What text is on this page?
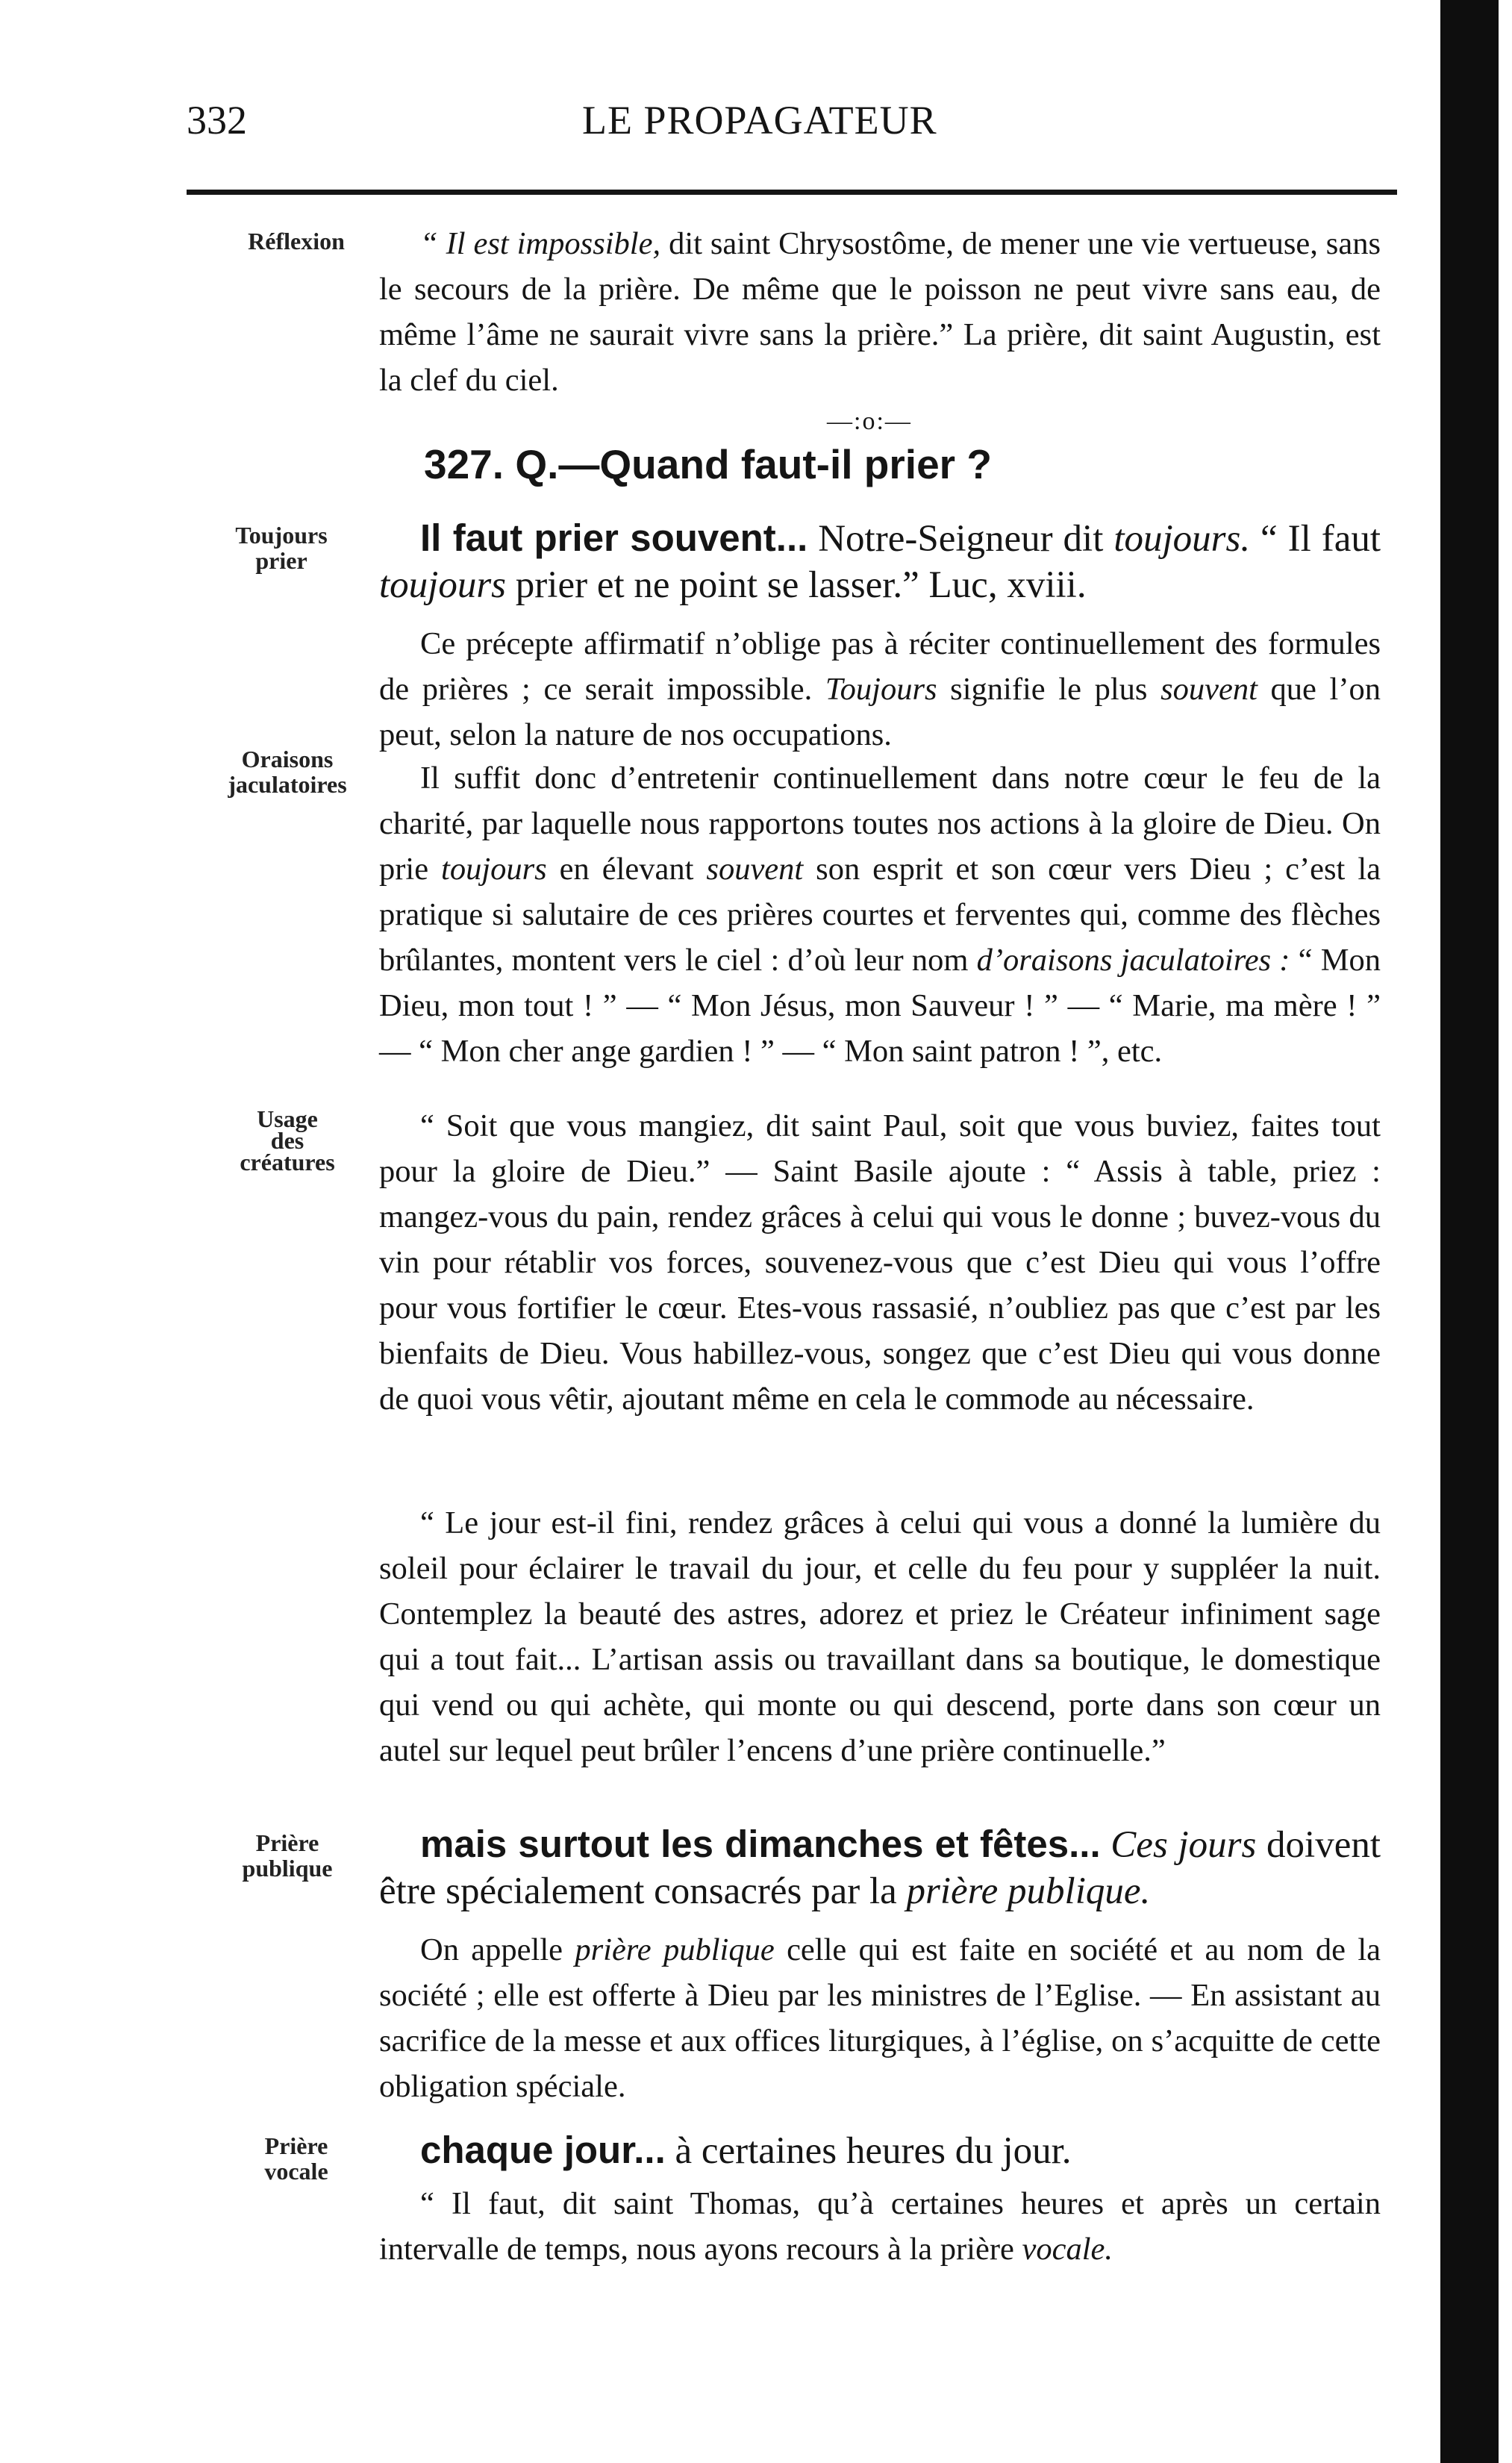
332	LE PROPAGATEUR
Réflexion
Toujours
prier
Oraisons
jaculatoires
Usage
des
créatures
Prière
publique
Prière
vocale
“ Il est impossible, dit saint Chrysostôme, de mener une vie vertueuse, sans le secours de la prière. De même que le poisson ne peut vivre sans eau, de même l’âme ne saurait vivre sans la prière.” La prière, dit saint Augustin, est la clef du ciel.
—:o:—
327. Q.—Quand faut-il prier ?
Il faut prier souvent... Notre-Seigneur dit toujours. “ Il faut toujours prier et ne point se lasser.” Luc, xviii.
Ce précepte affirmatif n’oblige pas à réciter continuellement des formules de prières ; ce serait impossible. Toujours signifie le plus souvent que l’on peut, selon la nature de nos occupations.
Il suffit donc d’entretenir continuellement dans notre cœur le feu de la charité, par laquelle nous rapportons toutes nos actions à la gloire de Dieu. On prie toujours en élevant souvent son esprit et son cœur vers Dieu ; c’est la pratique si salutaire de ces prières courtes et ferventes qui, comme des flèches brûlantes, montent vers le ciel : d’où leur nom d’oraisons jaculatoires : “ Mon Dieu, mon tout ! ” — “ Mon Jésus, mon Sauveur ! ” — “ Marie, ma mère ! ” — “ Mon cher ange gardien ! ” — “ Mon saint patron ! ”, etc.
“ Soit que vous mangiez, dit saint Paul, soit que vous buviez, faites tout pour la gloire de Dieu.” — Saint Basile ajoute : “ Assis à table, priez : mangez-vous du pain, rendez grâces à celui qui vous le donne ; buvez-vous du vin pour rétablir vos forces, souvenez-vous que c’est Dieu qui vous l’offre pour vous fortifier le cœur. Etes-vous rassasié, n’oubliez pas que c’est par les bienfaits de Dieu. Vous habillez-vous, songez que c’est Dieu qui vous donne de quoi vous vêtir, ajoutant même en cela le commode au nécessaire.
“ Le jour est-il fini, rendez grâces à celui qui vous a donné la lumière du soleil pour éclairer le travail du jour, et celle du feu pour y suppléer la nuit. Contemplez la beauté des astres, adorez et priez le Créateur infiniment sage qui a tout fait... L’artisan assis ou travaillant dans sa boutique, le domestique qui vend ou qui achète, qui monte ou qui descend, porte dans son cœur un autel sur lequel peut brûler l’encens d’une prière continuelle.”
mais surtout les dimanches et fêtes... Ces jours doivent être spécialement consacrés par la prière publique.
On appelle prière publique celle qui est faite en société et au nom de la société ; elle est offerte à Dieu par les ministres de l’Eglise. — En assistant au sacrifice de la messe et aux offices liturgiques, à l’église, on s’acquitte de cette obligation spéciale.
chaque jour... à certaines heures du jour.
“ Il faut, dit saint Thomas, qu’à certaines heures et après un certain intervalle de temps, nous ayons recours à la prière vocale.
